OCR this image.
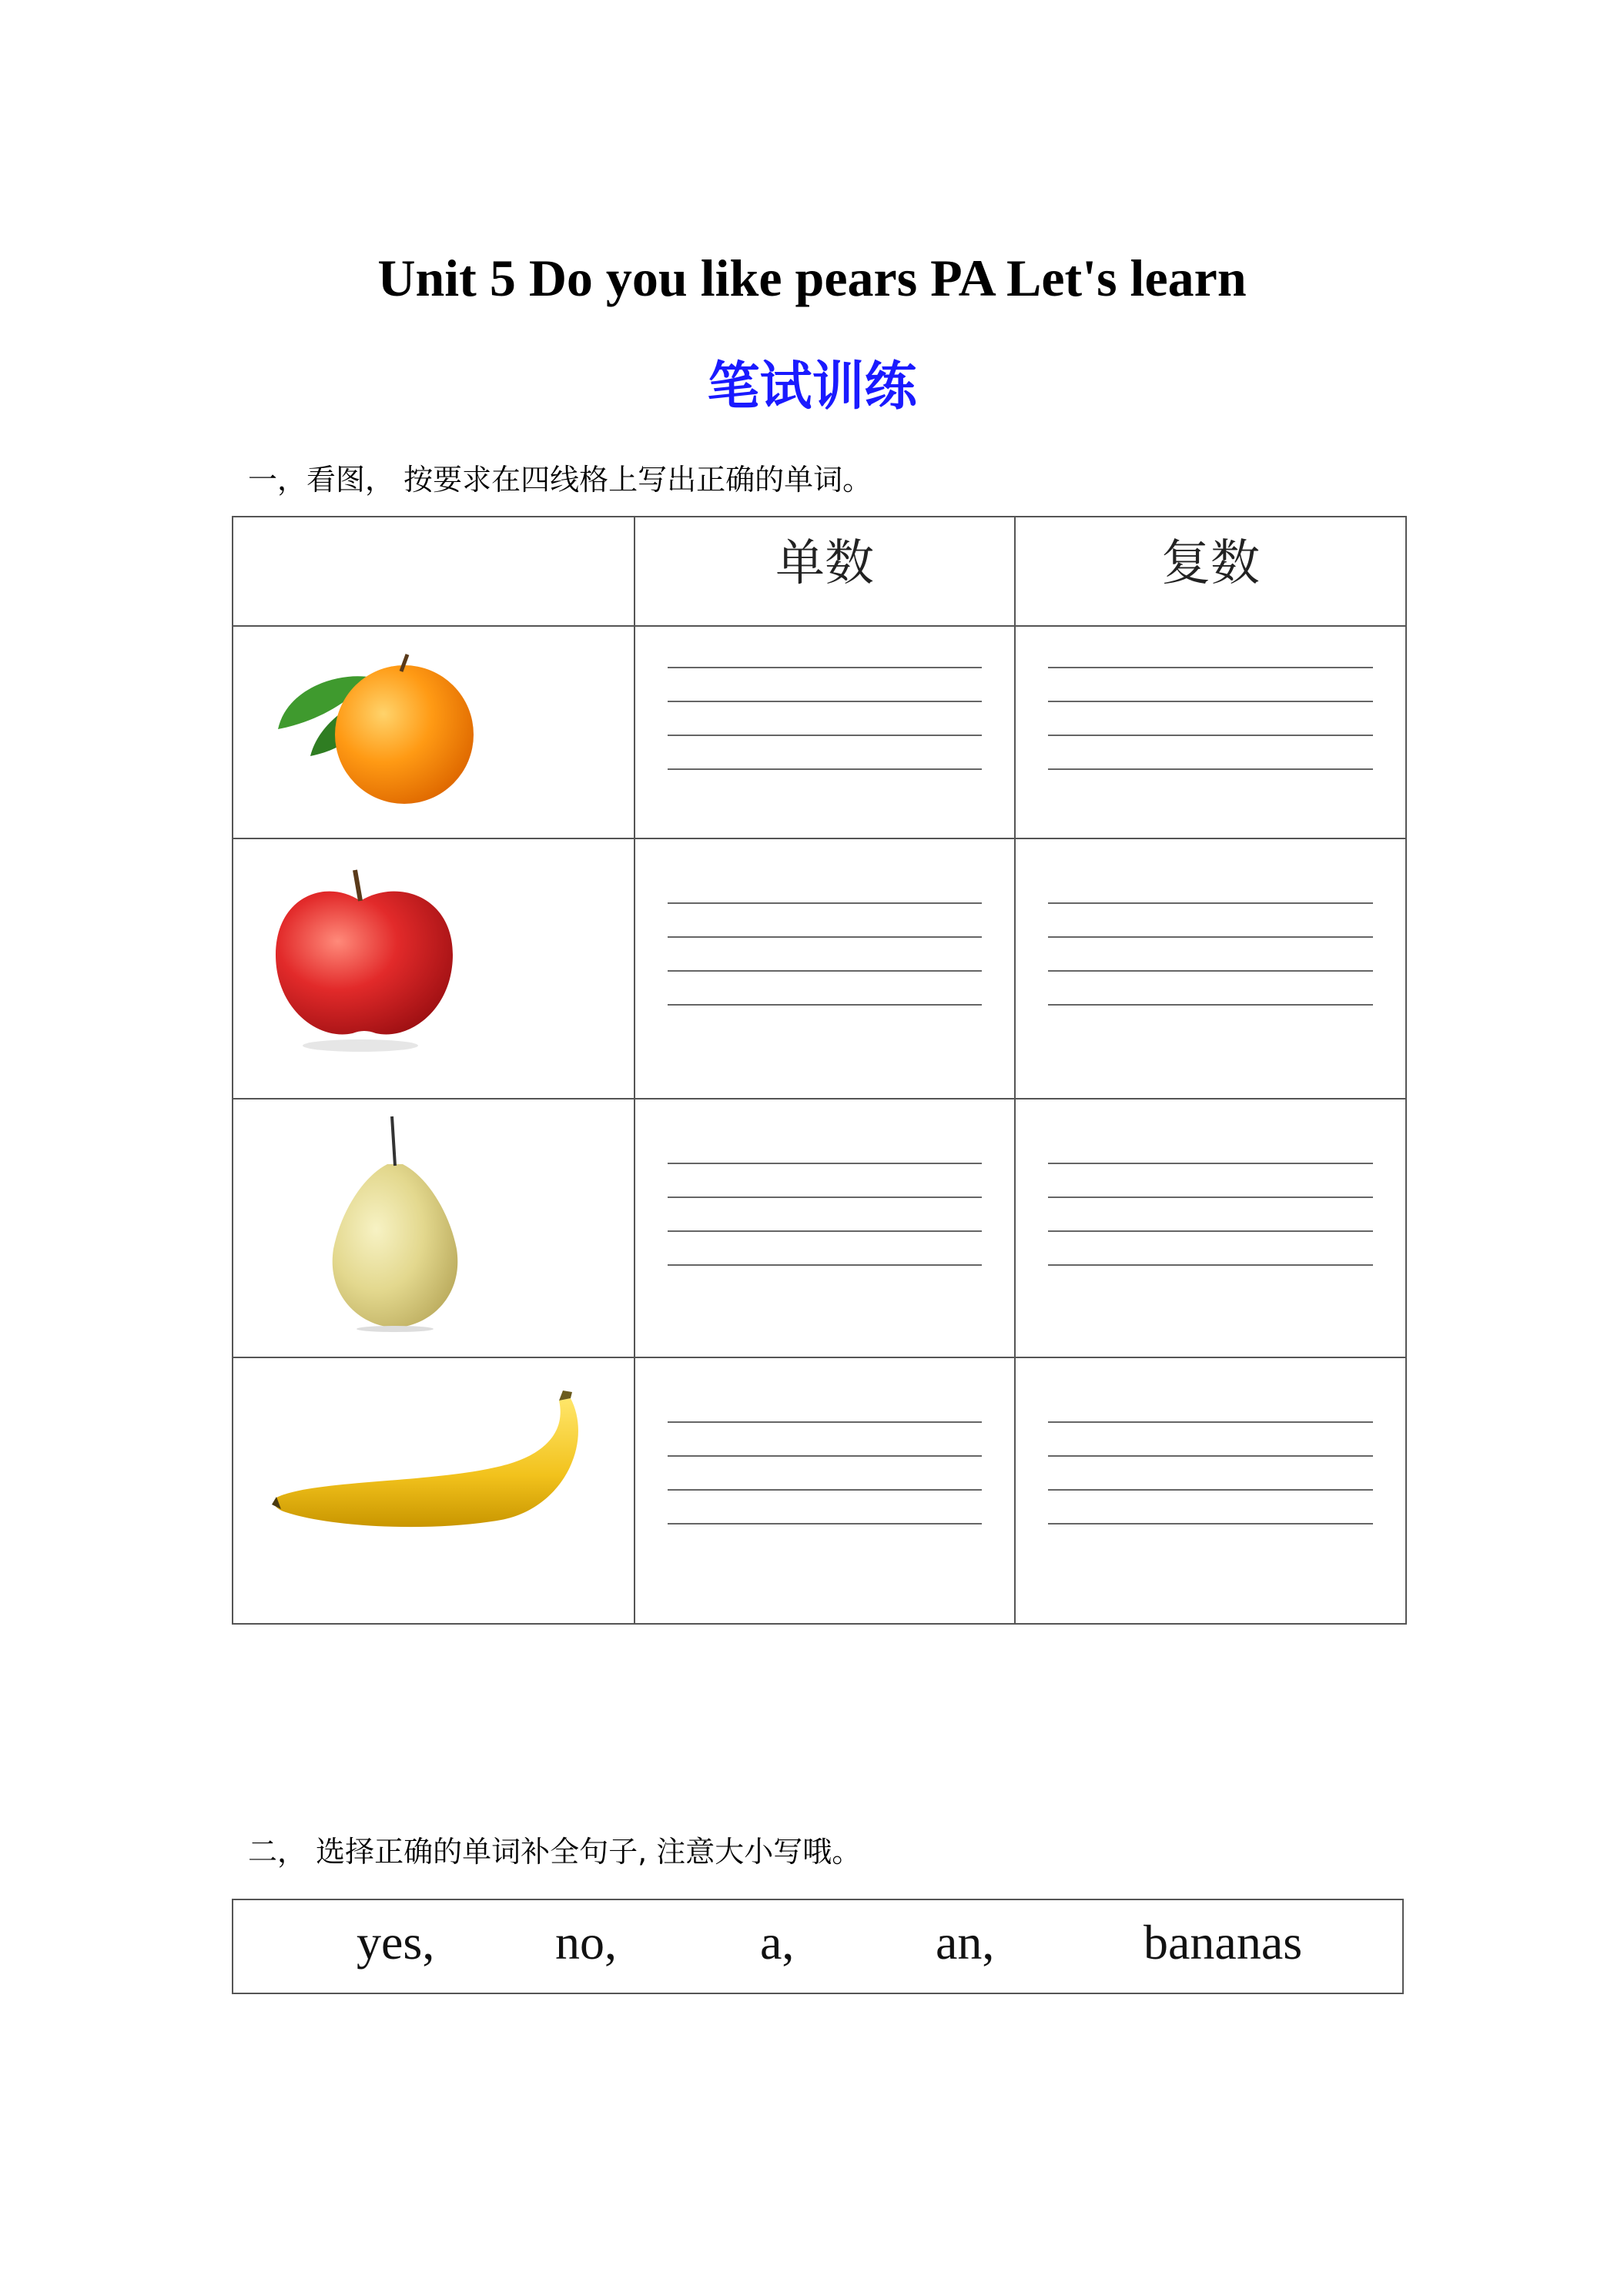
Unit 5 Do you like pears PA Let's learn
笔试训练
一，看图， 按要求在四线格上写出正确的单词。
	单数	复数

二， 选择正确的单词补全句子, 注意大小写哦。
yes, no,	a,	an,	bananas
